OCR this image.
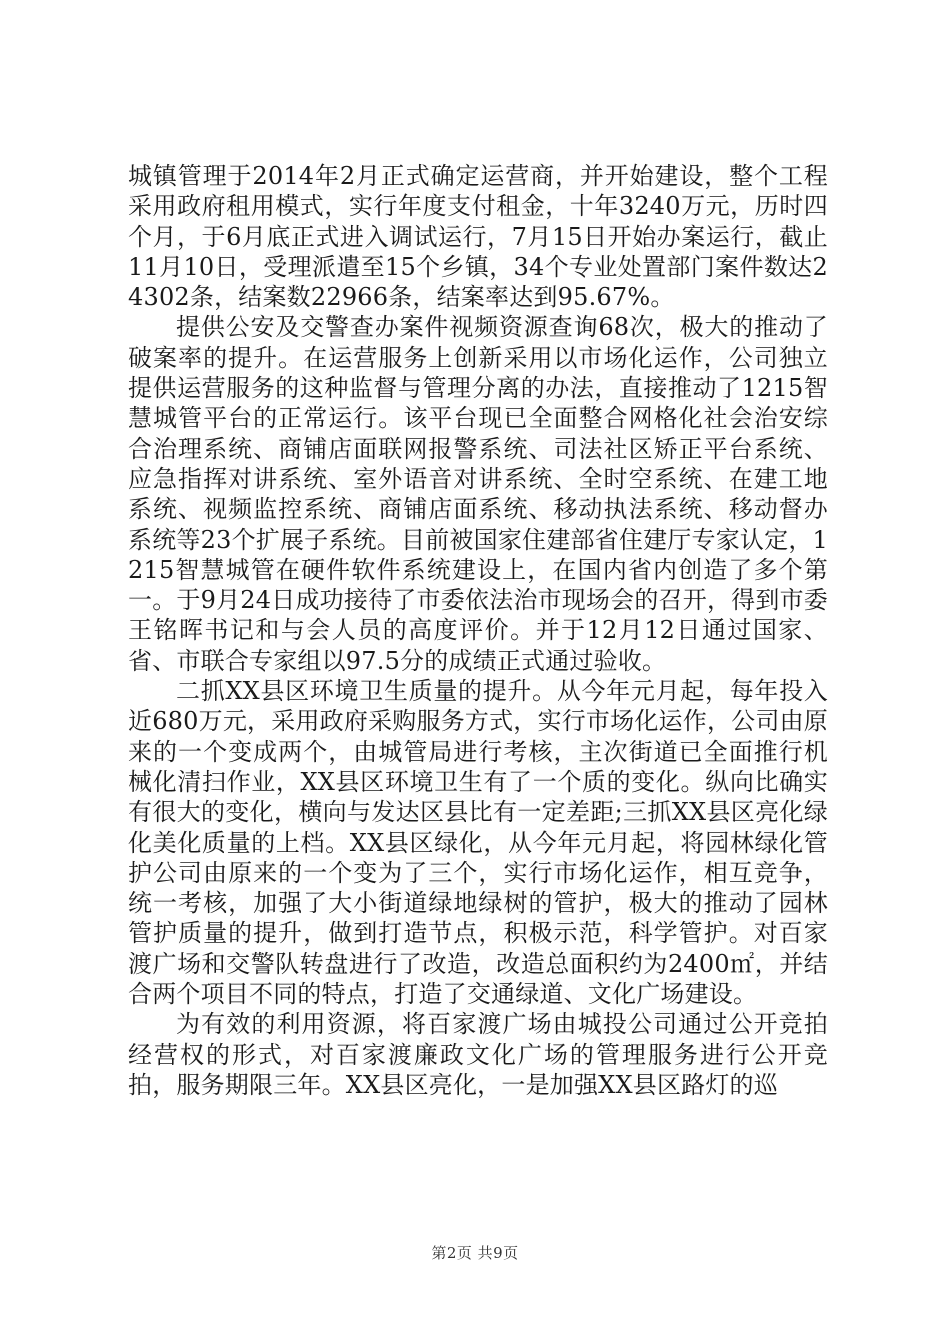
城镇管理于2014年2月正式确定运营商，并开始建设，整个工程采用政府租用模式，实行年度支付租金，十年3240万元，历时四个月，于6月底正式进入调试运行，7月15日开始办案运行，截止11月10日，受理派遣至15个乡镇，34个专业处置部门案件数达24302条，结案数22966条，结案率达到95.67%。

提供公安及交警查办案件视频资源查询68次，极大的推动了破案率的提升。在运营服务上创新采用以市场化运作，公司独立提供运营服务的这种监督与管理分离的办法，直接推动了1215智慧城管平台的正常运行。该平台现已全面整合网格化社会治安综合治理系统、商铺店面联网报警系统、司法社区矫正平台系统、应急指挥对讲系统、室外语音对讲系统、全时空系统、在建工地系统、视频监控系统、商铺店面系统、移动执法系统、移动督办系统等23个扩展子系统。目前被国家住建部省住建厅专家认定，1215智慧城管在硬件软件系统建设上，在国内省内创造了多个第一。于9月24日成功接待了市委依法治市现场会的召开，得到市委王铭晖书记和与会人员的高度评价。并于12月12日通过国家、省、市联合专家组以97.5分的成绩正式通过验收。

二抓XX县区环境卫生质量的提升。从今年元月起，每年投入近680万元，采用政府采购服务方式，实行市场化运作，公司由原来的一个变成两个，由城管局进行考核，主次街道已全面推行机械化清扫作业，XX县区环境卫生有了一个质的变化。纵向比确实有很大的变化，横向与发达区县比有一定差距;三抓XX县区亮化绿化美化质量的上档。XX县区绿化，从今年元月起，将园林绿化管护公司由原来的一个变为了三个，实行市场化运作，相互竞争，统一考核，加强了大小街道绿地绿树的管护，极大的推动了园林管护质量的提升，做到打造节点，积极示范，科学管护。对百家渡广场和交警队转盘进行了改造，改造总面积约为2400㎡，并结合两个项目不同的特点，打造了交通绿道、文化广场建设。

为有效的利用资源，将百家渡广场由城投公司通过公开竞拍经营权的形式，对百家渡廉政文化广场的管理服务进行公开竞拍，服务期限三年。XX县区亮化，一是加强XX县区路灯的巡

第2页 共9页
